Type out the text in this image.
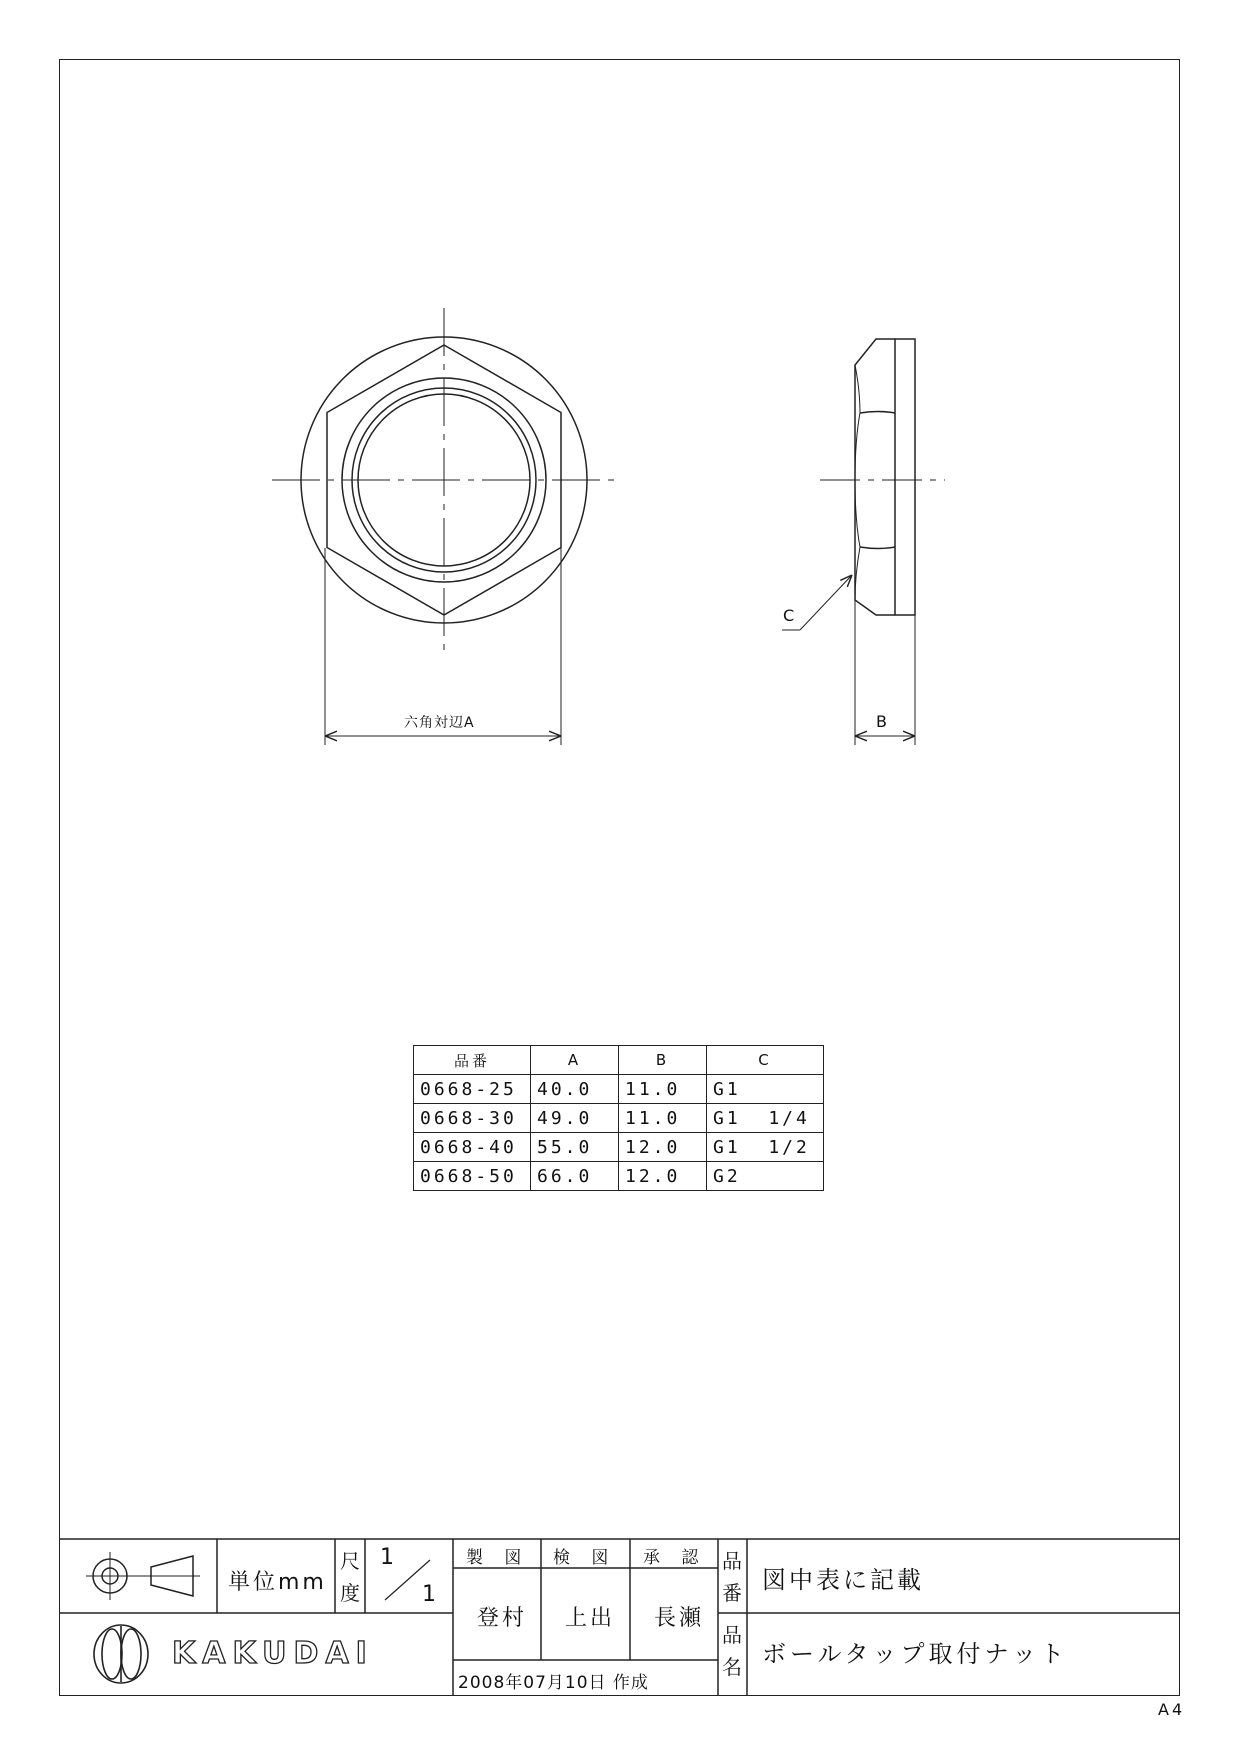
六角対辺A	B
C
品番	A	B	C
0668-25	40.0	11.0	G1
0668-30	49.0	11.0	G1  1/4
0668-40	55.0	12.0	G1  1/2
0668-50	66.0	12.0	G2
単位mm
尺
度
1
1
製 図 検 図 承 認
登村 上出 長瀬
2008年07月10日 作成
品
番 図中表に記載
品
名 ボールタップ取付ナット
KAKUDAI
A4
